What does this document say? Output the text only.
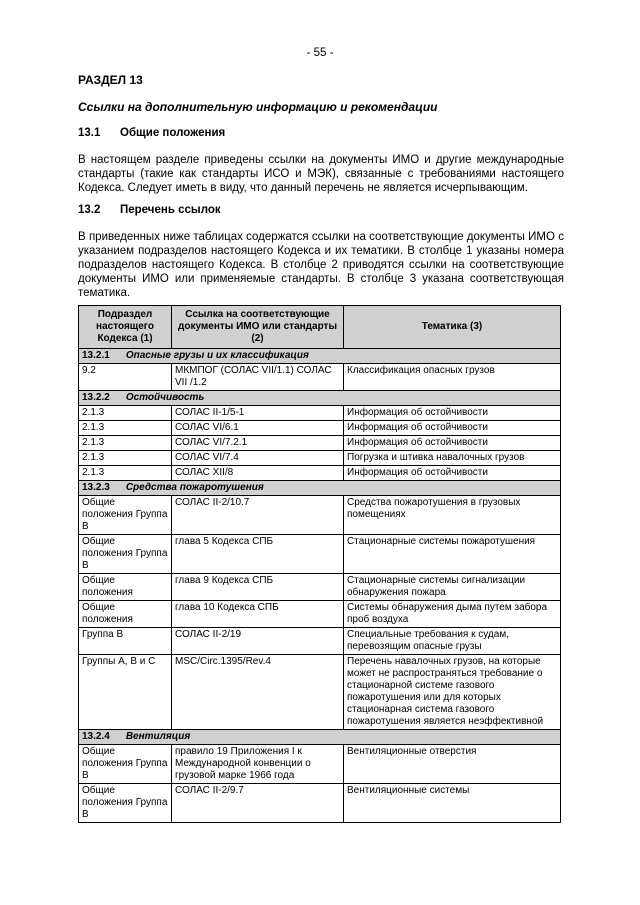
- 55 -
РАЗДЕЛ 13
Ссылки на дополнительную информацию и рекомендации
13.1 Общие положения
В настоящем разделе приведены ссылки на документы ИМО и другие международные стандарты (такие как стандарты ИСО и МЭК), связанные с требованиями настоящего Кодекса. Следует иметь в виду, что данный перечень не является исчерпывающим.
13.2 Перечень ссылок
В приведенных ниже таблицах содержатся ссылки на соответствующие документы ИМО с указанием подразделов настоящего Кодекса и их тематики. В столбце 1 указаны номера подразделов настоящего Кодекса. В столбце 2 приводятся ссылки на соответствующие документы ИМО или применяемые стандарты. В столбце 3 указана соответствующая тематика.
Подраздел настоящего Кодекса (1)	Ссылка на соответствующие документы ИМО или стандарты (2)	Тематика (3)
13.2.1 Опасные грузы и их классификация		
9.2	МКМПОГ (СОЛАС VII/1.1) СОЛАС VII /1.2	Классификация опасных грузов
13.2.2 Остойчивость		
2.1.3	СОЛАС II-1/5-1	Информация об остойчивости
2.1.3	СОЛАС VI/6.1	Информация об остойчивости
2.1.3	СОЛАС VI/7.2.1	Информация об остойчивости
2.1.3	СОЛАС VI/7.4	Погрузка и штивка навалочных грузов
2.1.3	СОЛАС XII/8	Информация об остойчивости
13.2.3 Средства пожаротушения		
Общие положения Группа В	СОЛАС II-2/10.7	Средства пожаротушения в грузовых помещениях
Общие положения Группа В	глава 5 Кодекса СПБ	Стационарные системы пожаротушения
Общие положения	глава 9 Кодекса СПБ	Стационарные системы сигнализации обнаружения пожара
Общие положения	глава 10 Кодекса СПБ	Системы обнаружения дыма путем забора проб воздуха
Группа В	СОЛАС II-2/19	Специальные требования к судам, перевозящим опасные грузы
Группы А, В и С	MSC/Circ.1395/Rev.4	Перечень навалочных грузов, на которые может не распространяться требование о стационарной системе газового пожаротушения или для которых стационарная система газового пожаротушения является неэффективной
13.2.4 Вентиляция		
Общие положения Группа В	правило 19 Приложения I к Международной конвенции о грузовой марке 1966 года	Вентиляционные отверстия
Общие положения Группа В	СОЛАС II-2/9.7	Вентиляционные системы
